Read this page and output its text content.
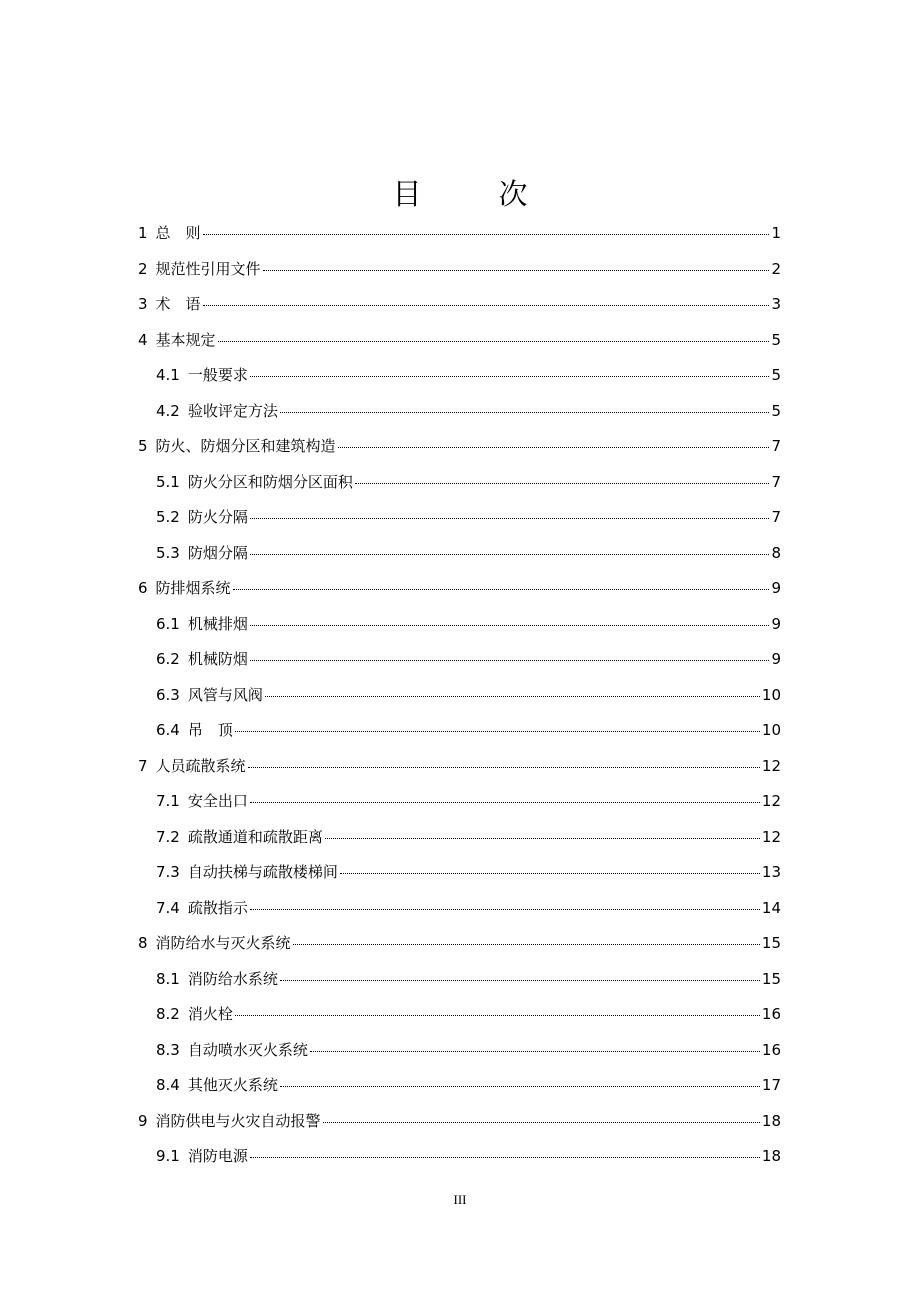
目　次
1 总　则	1
2 规范性引用文件	2
3 术　语	3
4 基本规定	5
4.1 一般要求	5
4.2 验收评定方法	5
5 防火、防烟分区和建筑构造	7
5.1 防火分区和防烟分区面积	7
5.2 防火分隔	7
5.3 防烟分隔	8
6 防排烟系统	9
6.1 机械排烟	9
6.2 机械防烟	9
6.3 风管与风阀	10
6.4 吊　顶	10
7 人员疏散系统	12
7.1 安全出口	12
7.2 疏散通道和疏散距离	12
7.3 自动扶梯与疏散楼梯间	13
7.4 疏散指示	14
8 消防给水与灭火系统	15
8.1 消防给水系统	15
8.2 消火栓	16
8.3 自动喷水灭火系统	16
8.4 其他灭火系统	17
9 消防供电与火灾自动报警	18
9.1 消防电源	18
III
